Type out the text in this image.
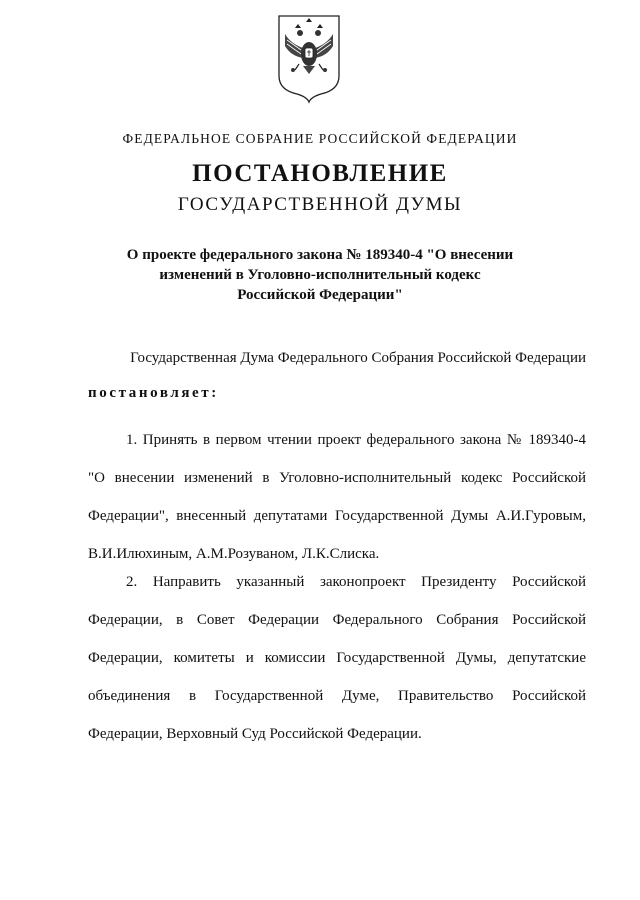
ФЕДЕРАЛЬНОЕ СОБРАНИЕ РОССИЙСКОЙ ФЕДЕРАЦИИ
ПОСТАНОВЛЕНИЕ
ГОСУДАРСТВЕННОЙ ДУМЫ
О проекте федерального закона № 189340-4 "О внесении
изменений в Уголовно-исполнительный кодекс
Российской Федерации"
Государственная Дума Федерального Собрания Российской Федерации
постановляет:
1. Принять в первом чтении проект федерального закона № 189340-4
"О внесении изменений в Уголовно-исполнительный кодекс Российской
Федерации", внесенный депутатами Государственной Думы А.И.Гуровым,
В.И.Илюхиным, А.М.Розуваном, Л.К.Слиска.
2. Направить указанный законопроект Президенту Российской
Федерации, в Совет Федерации Федерального Собрания Российской
Федерации, комитеты и комиссии Государственной Думы, депутатские
объединения в Государственной Думе, Правительство Российской
Федерации, Верховный Суд Российской Федерации.
